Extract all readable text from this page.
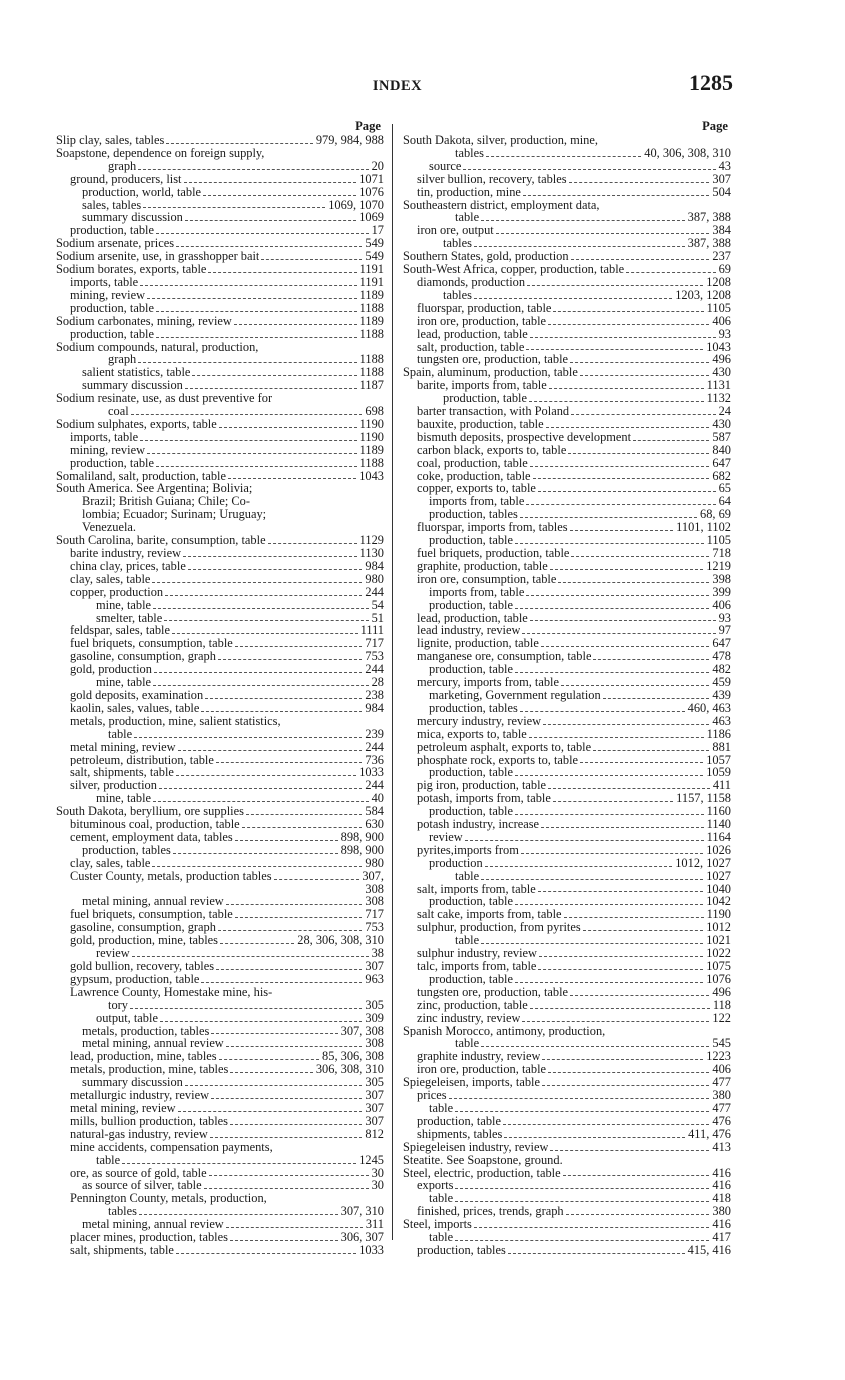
INDEX	1285
Page
Slip clay, sales, tables	979, 984, 988
Soapstone, dependence on foreign supply,
graph	20
ground, producers, list	1071
production, world, table	1076
sales, tables	1069, 1070
summary discussion	1069
production, table	17
Sodium arsenate, prices	549
Sodium arsenite, use, in grasshopper bait	549
Sodium borates, exports, table	1191
imports, table	1191
mining, review	1189
production, table	1188
Sodium carbonates, mining, review	1189
production, table	1188
Sodium compounds, natural, production,
graph	1188
salient statistics, table	1188
summary discussion	1187
Sodium resinate, use, as dust preventive for
coal	698
Sodium sulphates, exports, table	1190
imports, table	1190
mining, review	1189
production, table	1188
Somaliland, salt, production, table	1043
South America. See Argentina; Bolivia;
Brazil; British Guiana; Chile; Co-
lombia; Ecuador; Surinam; Uruguay;
Venezuela.
South Carolina, barite, consumption, table	1129
barite industry, review	1130
china clay, prices, table	984
clay, sales, table	980
copper, production	244
mine, table	54
smelter, table	51
feldspar, sales, table	1111
fuel briquets, consumption, table	717
gasoline, consumption, graph	753
gold, production	244
mine, table	28
gold deposits, examination	238
kaolin, sales, values, table	984
metals, production, mine, salient statistics,
table	239
metal mining, review	244
petroleum, distribution, table	736
salt, shipments, table	1033
silver, production	244
mine, table	40
South Dakota, beryllium, ore supplies	584
bituminous coal, production, table	630
cement, employment data, tables	898, 900
production, tables	898, 900
clay, sales, table	980
Custer County, metals, production tables	307,
308
metal mining, annual review	308
fuel briquets, consumption, table	717
gasoline, consumption, graph	753
gold, production, mine, tables	28, 306, 308, 310
review	38
gold bullion, recovery, tables	307
gypsum, production, table	963
Lawrence County, Homestake mine, his-
tory	305
output, table	309
metals, production, tables	307, 308
metal mining, annual review	308
lead, production, mine, tables	85, 306, 308
metals, production, mine, tables	306, 308, 310
summary discussion	305
metallurgic industry, review	307
metal mining, review	307
mills, bullion production, tables	307
natural-gas industry, review	812
mine accidents, compensation payments,
table	1245
ore, as source of gold, table	30
as source of silver, table	30
Pennington County, metals, production,
tables	307, 310
metal mining, annual review	311
placer mines, production, tables	306, 307
salt, shipments, table	1033
Page
South Dakota, silver, production, mine,
tables	40, 306, 308, 310
source	43
silver bullion, recovery, tables	307
tin, production, mine	504
Southeastern district, employment data,
table	387, 388
iron ore, output	384
tables	387, 388
Southern States, gold, production	237
South-West Africa, copper, production, table	69
diamonds, production	1208
tables	1203, 1208
fluorspar, production, table	1105
iron ore, production, table	406
lead, production, table	93
salt, production, table	1043
tungsten ore, production, table	496
Spain, aluminum, production, table	430
barite, imports from, table	1131
production, table	1132
barter transaction, with Poland	24
bauxite, production, table	430
bismuth deposits, prospective development	587
carbon black, exports to, table	840
coal, production, table	647
coke, production, table	682
copper, exports to, table	65
imports from, table	64
production, tables	68, 69
fluorspar, imports from, tables	1101, 1102
production, table	1105
fuel briquets, production, table	718
graphite, production, table	1219
iron ore, consumption, table	398
imports from, table	399
production, table	406
lead, production, table	93
lead industry, review	97
lignite, production, table	647
manganese ore, consumption, table	478
production, table	482
mercury, imports from, table	459
marketing, Government regulation	439
production, tables	460, 463
mercury industry, review	463
mica, exports to, table	1186
petroleum asphalt, exports to, table	881
phosphate rock, exports to, table	1057
production, table	1059
pig iron, production, table	411
potash, imports from, table	1157, 1158
production, table	1160
potash industry, increase	1140
review	1164
pyrites,imports from	1026
production	1012, 1027
table	1027
salt, imports from, table	1040
production, table	1042
salt cake, imports from, table	1190
sulphur, production, from pyrites	1012
table	1021
sulphur industry, review	1022
talc, imports from, table	1075
production, table	1076
tungsten ore, production, table	496
zinc, production, table	118
zinc industry, review	122
Spanish Morocco, antimony, production,
table	545
graphite industry, review	1223
iron ore, production, table	406
Spiegeleisen, imports, table	477
prices	380
table	477
production, table	476
shipments, tables	411, 476
Spiegeleisen industry, review	413
Steatite. See Soapstone, ground.
Steel, electric, production, table	416
exports	416
table	418
finished, prices, trends, graph	380
Steel, imports	416
table	417
production, tables	415, 416
